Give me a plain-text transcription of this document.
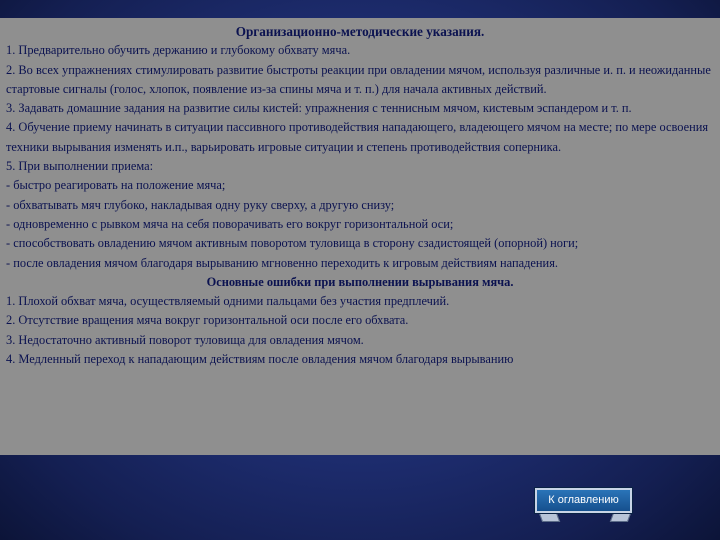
Организационно-методические указания.

1. Предварительно обучить держанию и глубокому обхвату мяча.

2. Во всех упражнениях стимулировать развитие быстроты реакции при овладении мячом, используя различные и. п. и неожиданные стартовые сигналы (голос, хлопок, появление из-за спины мяча и т. п.) для начала активных действий.

3. Задавать домашние задания на развитие силы кистей: упражнения с теннисным мячом, кистевым эспандером и т. п.

4. Обучение приему начинать в ситуации пассивного противодействия нападающего, владеющего мячом на месте; по мере освоения техники вырывания изменять и.п., варьировать игровые ситуации и степень противодействия соперника.

5. При выполнении приема:

- быстро реагировать на положение мяча;

- обхватывать мяч глубоко, накладывая одну руку сверху, а другую снизу;

- одновременно с рывком мяча на себя поворачивать его вокруг горизонтальной оси;

- способствовать овладению мячом активным поворотом туловища в сторону сзадистоящей (опорной) ноги;

- после овладения мячом благодаря вырыванию мгновенно переходить к игровым действиям нападения.

Основные ошибки при выполнении вырывания мяча.

1. Плохой обхват мяча, осуществляемый одними пальцами без участия предплечий.

2. Отсутствие вращения мяча вокруг горизонтальной оси после его обхвата.

3. Недостаточно активный поворот туловища для овладения мячом.

4. Медленный переход к нападающим действиям после овладения мячом благодаря вырыванию

К оглавлению
